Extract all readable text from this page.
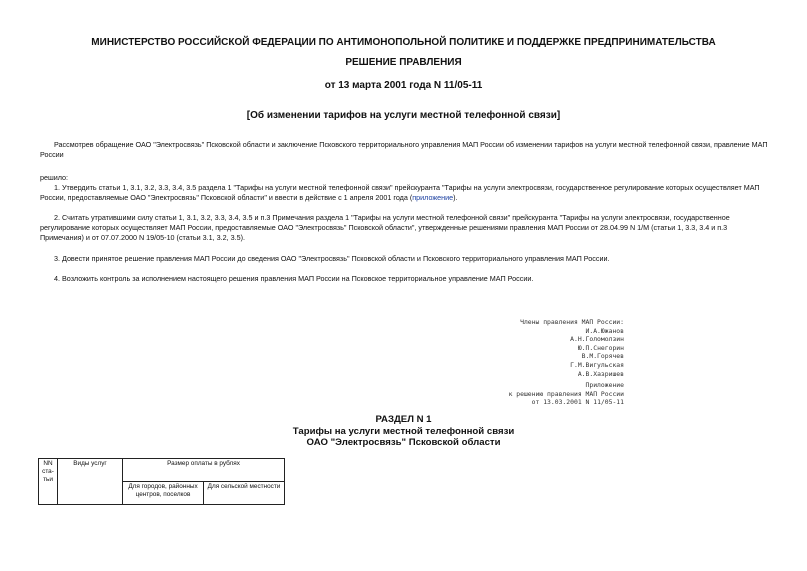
МИНИСТЕРСТВО РОССИЙСКОЙ ФЕДЕРАЦИИ ПО АНТИМОНОПОЛЬНОЙ ПОЛИТИКЕ И ПОДДЕРЖКЕ ПРЕДПРИНИМАТЕЛЬСТВА
РЕШЕНИЕ ПРАВЛЕНИЯ
от 13 марта 2001 года N 11/05-11
[Об изменении тарифов на услуги местной телефонной связи]
Рассмотрев обращение ОАО "Электросвязь" Псковской области и заключение Псковского территориального управления МАП России об изменении тарифов на услуги местной телефонной связи, правление МАП России
решило:
1. Утвердить статьи 1, 3.1, 3.2, 3.3, 3.4, 3.5 раздела 1 "Тарифы на услуги местной телефонной связи" прейскуранта "Тарифы на услуги электросвязи, государственное регулирование которых осуществляет МАП России, предоставляемые ОАО "Электросвязь" Псковской области" и ввести в действие с 1 апреля 2001 года (приложение).
2. Считать утратившими силу статьи 1, 3.1, 3.2, 3.3, 3.4, 3.5 и п.3 Примечания раздела 1 "Тарифы на услуги местной телефонной связи" прейскуранта "Тарифы на услуги электросвязи, государственное регулирование которых осуществляет МАП России, предоставляемые ОАО "Электросвязь" Псковской области", утвержденные решениями правления МАП России от 28.04.99 N 1/М (статьи 1, 3.3, 3.4 и п.3 Примечания) и от 07.07.2000 N 19/05-10 (статьи 3.1, 3.2, 3.5).
3. Довести принятое решение правления МАП России до сведения ОАО "Электросвязь" Псковской области и Псковского территориального управления МАП России.
4. Возложить контроль за исполнением настоящего решения правления МАП России на Псковское территориальное управление МАП России.
Члены правления МАП России:
И.А.Южанов
А.Н.Голомолзин
Ю.П.Снегорин
В.М.Горячев
Г.М.Вигульская
А.В.Хазришев
Приложение
к решению правления МАП России
от 13.03.2001 N 11/05-11
РАЗДЕЛ N 1
Тарифы на услуги местной телефонной связи
ОАО "Электросвязь" Псковской области
NN ста-тьи	Виды услуг	Размер оплаты в рублях	
		Для городов, районных центров, поселков	Для сельской местности
